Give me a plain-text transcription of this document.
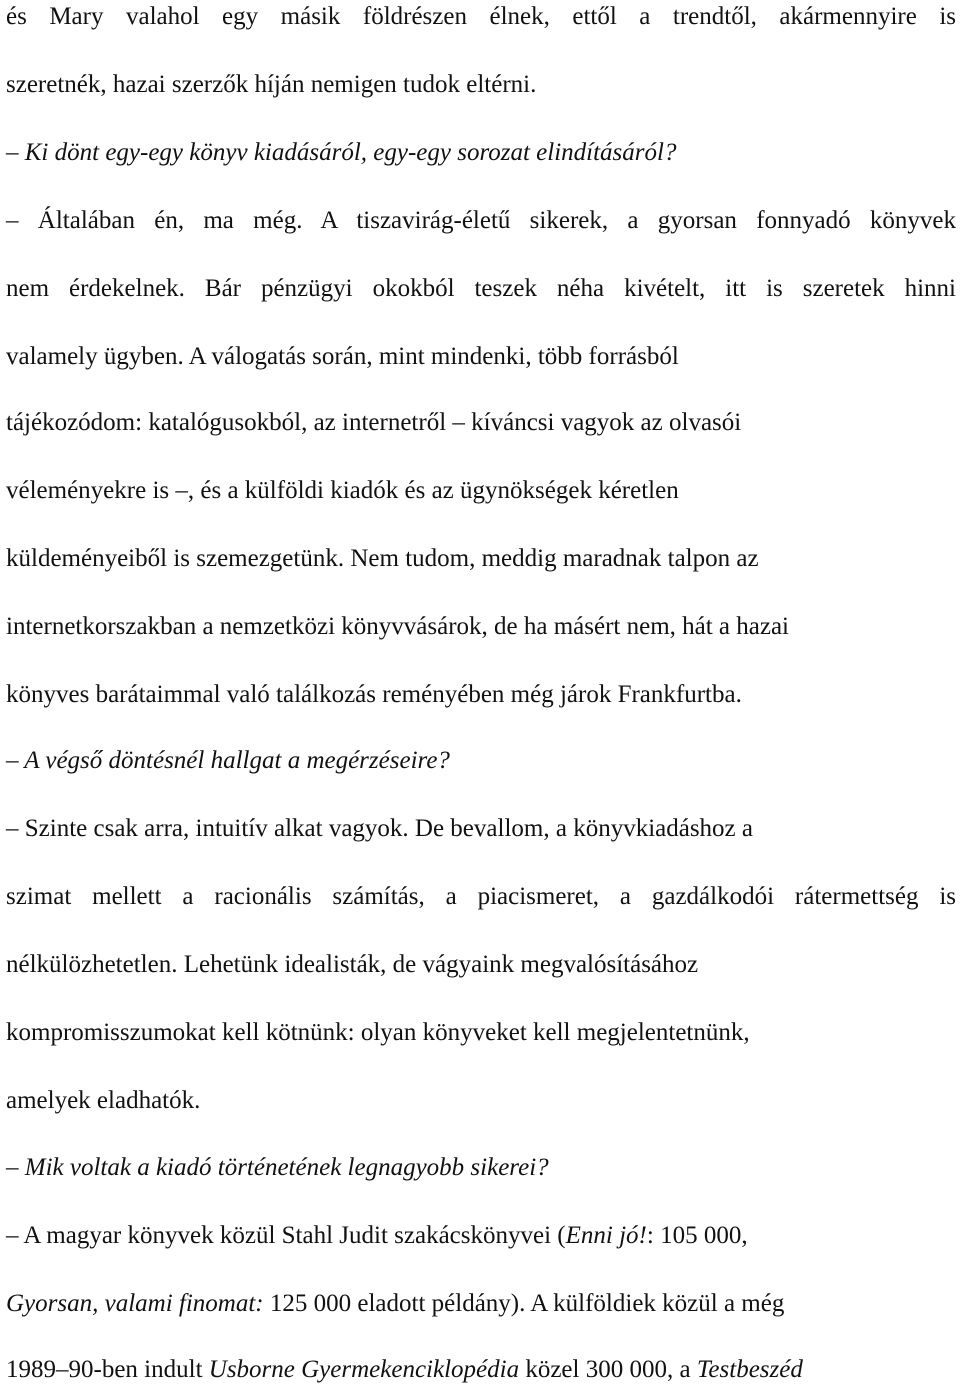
és Mary valahol egy másik földrészen élnek, ettől a trendtől, akármennyire is
szeretnék, hazai szerzők híján nemigen tudok eltérni.
– Ki dönt egy-egy könyv kiadásáról, egy-egy sorozat elindításáról?
– Általában én, ma még. A tiszavirág-életű sikerek, a gyorsan fonnyadó könyvek
nem érdekelnek. Bár pénzügyi okokból teszek néha kivételt, itt is szeretek hinni
valamely ügyben. A válogatás során, mint mindenki, több forrásból
tájékozódom: katalógusokból, az internetről – kíváncsi vagyok az olvasói
véleményekre is –, és a külföldi kiadók és az ügynökségek kéretlen
küldeményeiből is szemezgetünk. Nem tudom, meddig maradnak talpon az
internetkorszakban a nemzetközi könyvvásárok, de ha másért nem, hát a hazai
könyves barátaimmal való találkozás reményében még járok Frankfurtba.
– A végső döntésnél hallgat a megérzéseire?
– Szinte csak arra, intuitív alkat vagyok. De bevallom, a könyvkiadáshoz a
szimat mellett a racionális számítás, a piacismeret, a gazdálkodói rátermettség is
nélkülözhetetlen. Lehetünk idealisták, de vágyaink megvalósításához
kompromisszumokat kell kötnünk: olyan könyveket kell megjelentetnünk,
amelyek eladhatók.
– Mik voltak a kiadó történetének legnagyobb sikerei?
– A magyar könyvek közül Stahl Judit szakácskönyvei (Enni jó!: 105 000,
Gyorsan, valami finomat: 125 000 eladott példány). A külföldiek közül a még
1989–90-ben indult Usborne Gyermekenciklopédia közel 300 000, a Testbeszéd
